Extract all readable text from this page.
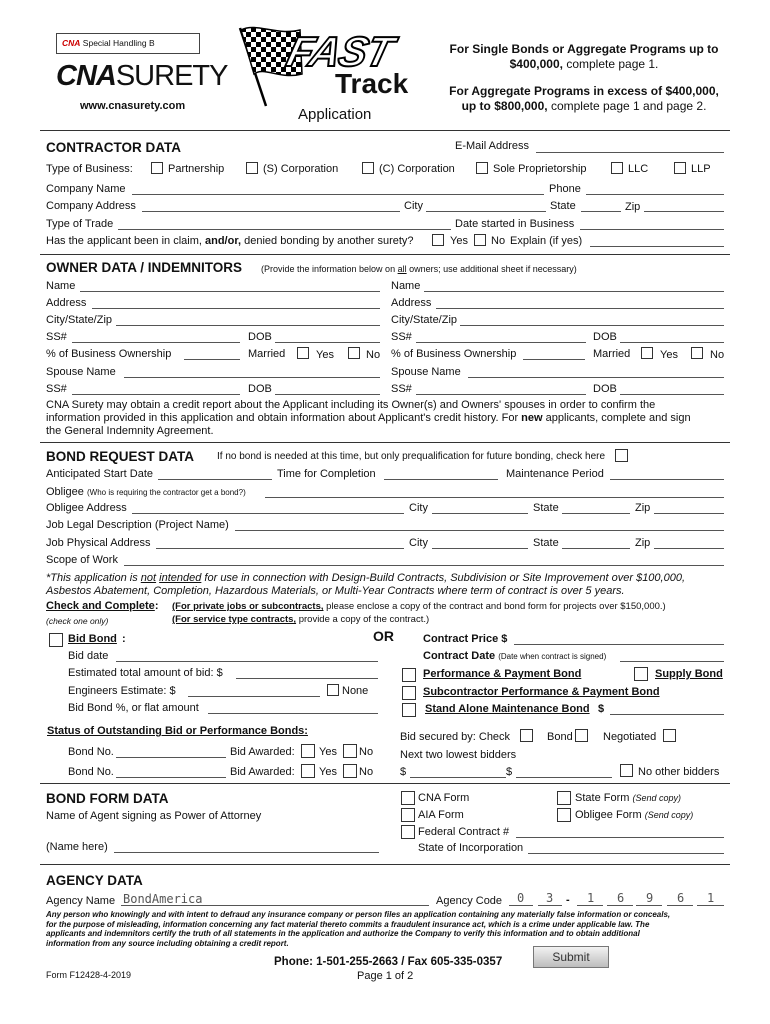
CNA Special Handling B
CNASURETY
www.cnasurety.com
FAST
Track
Application
For Single Bonds or Aggregate Programs up to
$400,000, complete page 1.
For Aggregate Programs in excess of $400,000,
up to $800,000, complete page 1 and page 2.
CONTRACTOR DATA	E-Mail Address
Type of Business:	Partnership	(S) Corporation	(C) Corporation	Sole Proprietorship	LLC	LLP
Company Name	Phone
Company Address	City	State	Zip
Type of Trade	Date started in Business
Has the applicant been in claim, and/or, denied bonding by another surety?	Yes No Explain (if yes)
OWNER DATA / INDEMNITORS (Provide the information below on all owners; use additional sheet if necessary)
Name
Address
City/State/Zip
SS#	DOB
% of Business Ownership	Married	Yes	No
Spouse Name
SS#	DOB
Name
Address
City/State/Zip
SS#	DOB
% of Business Ownership	Married	Yes	No
Spouse Name
SS#	DOB
CNA Surety may obtain a credit report about the Applicant including its Owner(s) and Owners' spouses in order to confirm the
information provided in this application and obtain information about Applicant's credit history. For new applicants, complete and sign
the General Indemnity Agreement.
BOND REQUEST DATA If no bond is needed at this time, but only prequalification for future bonding, check here
Anticipated Start Date	Time for Completion	Maintenance Period
Obligee (Who is requiring the contractor get a bond?)
Obligee Address	City	State	Zip
Job Legal Description (Project Name)
Job Physical Address	City	State	Zip
Scope of Work
*This application is not intended for use in connection with Design-Build Contracts, Subdivision or Site Improvement over $100,000,
Asbestos Abatement, Completion, Hazardous Materials, or Multi-Year Contracts where term of contract is over 5 years.
Check and Complete: (For private jobs or subcontracts, please enclose a copy of the contract and bond form for projects over $150,000.)
(check one only)	(For service type contracts, provide a copy of the contract.)
OR
Bid Bond :
Bid date
Estimated total amount of bid: $
Engineers Estimate: $	None
Bid Bond %, or flat amount
Contract Price $
Contract Date (Date when contract is signed)
Performance & Payment Bond	Supply Bond
Subcontractor Performance & Payment Bond
Stand Alone Maintenance Bond $
Status of Outstanding Bid or Performance Bonds:
Bond No.	Bid Awarded: Yes No
Bond No.	Bid Awarded: Yes No
Bid secured by: Check	Bond	Negotiated
Next two lowest bidders
$	$	No other bidders
BOND FORM DATA
Name of Agent signing as Power of Attorney
(Name here)
CNA Form
AIA Form
Federal Contract #
State of Incorporation
State Form (Send copy)
Obligee Form (Send copy)
AGENCY DATA
Agency Name BondAmerica	Agency Code 0 3 - 1 6 9 6 1
Any person who knowingly and with intent to defraud any insurance company or person files an application containing any materially false information or conceals,
for the purpose of misleading, information concerning any fact material thereto commits a fraudulent insurance act, which is a crime under applicable law. The
applicants and indemnitors certify the truth of all statements in the application and authorize the Company to verify this information and to obtain additional
information from any source including obtaining a credit report.
Phone: 1-501-255-2663 / Fax 605-335-0357
Page 1 of 2
Form F12428-4-2019
Submit
